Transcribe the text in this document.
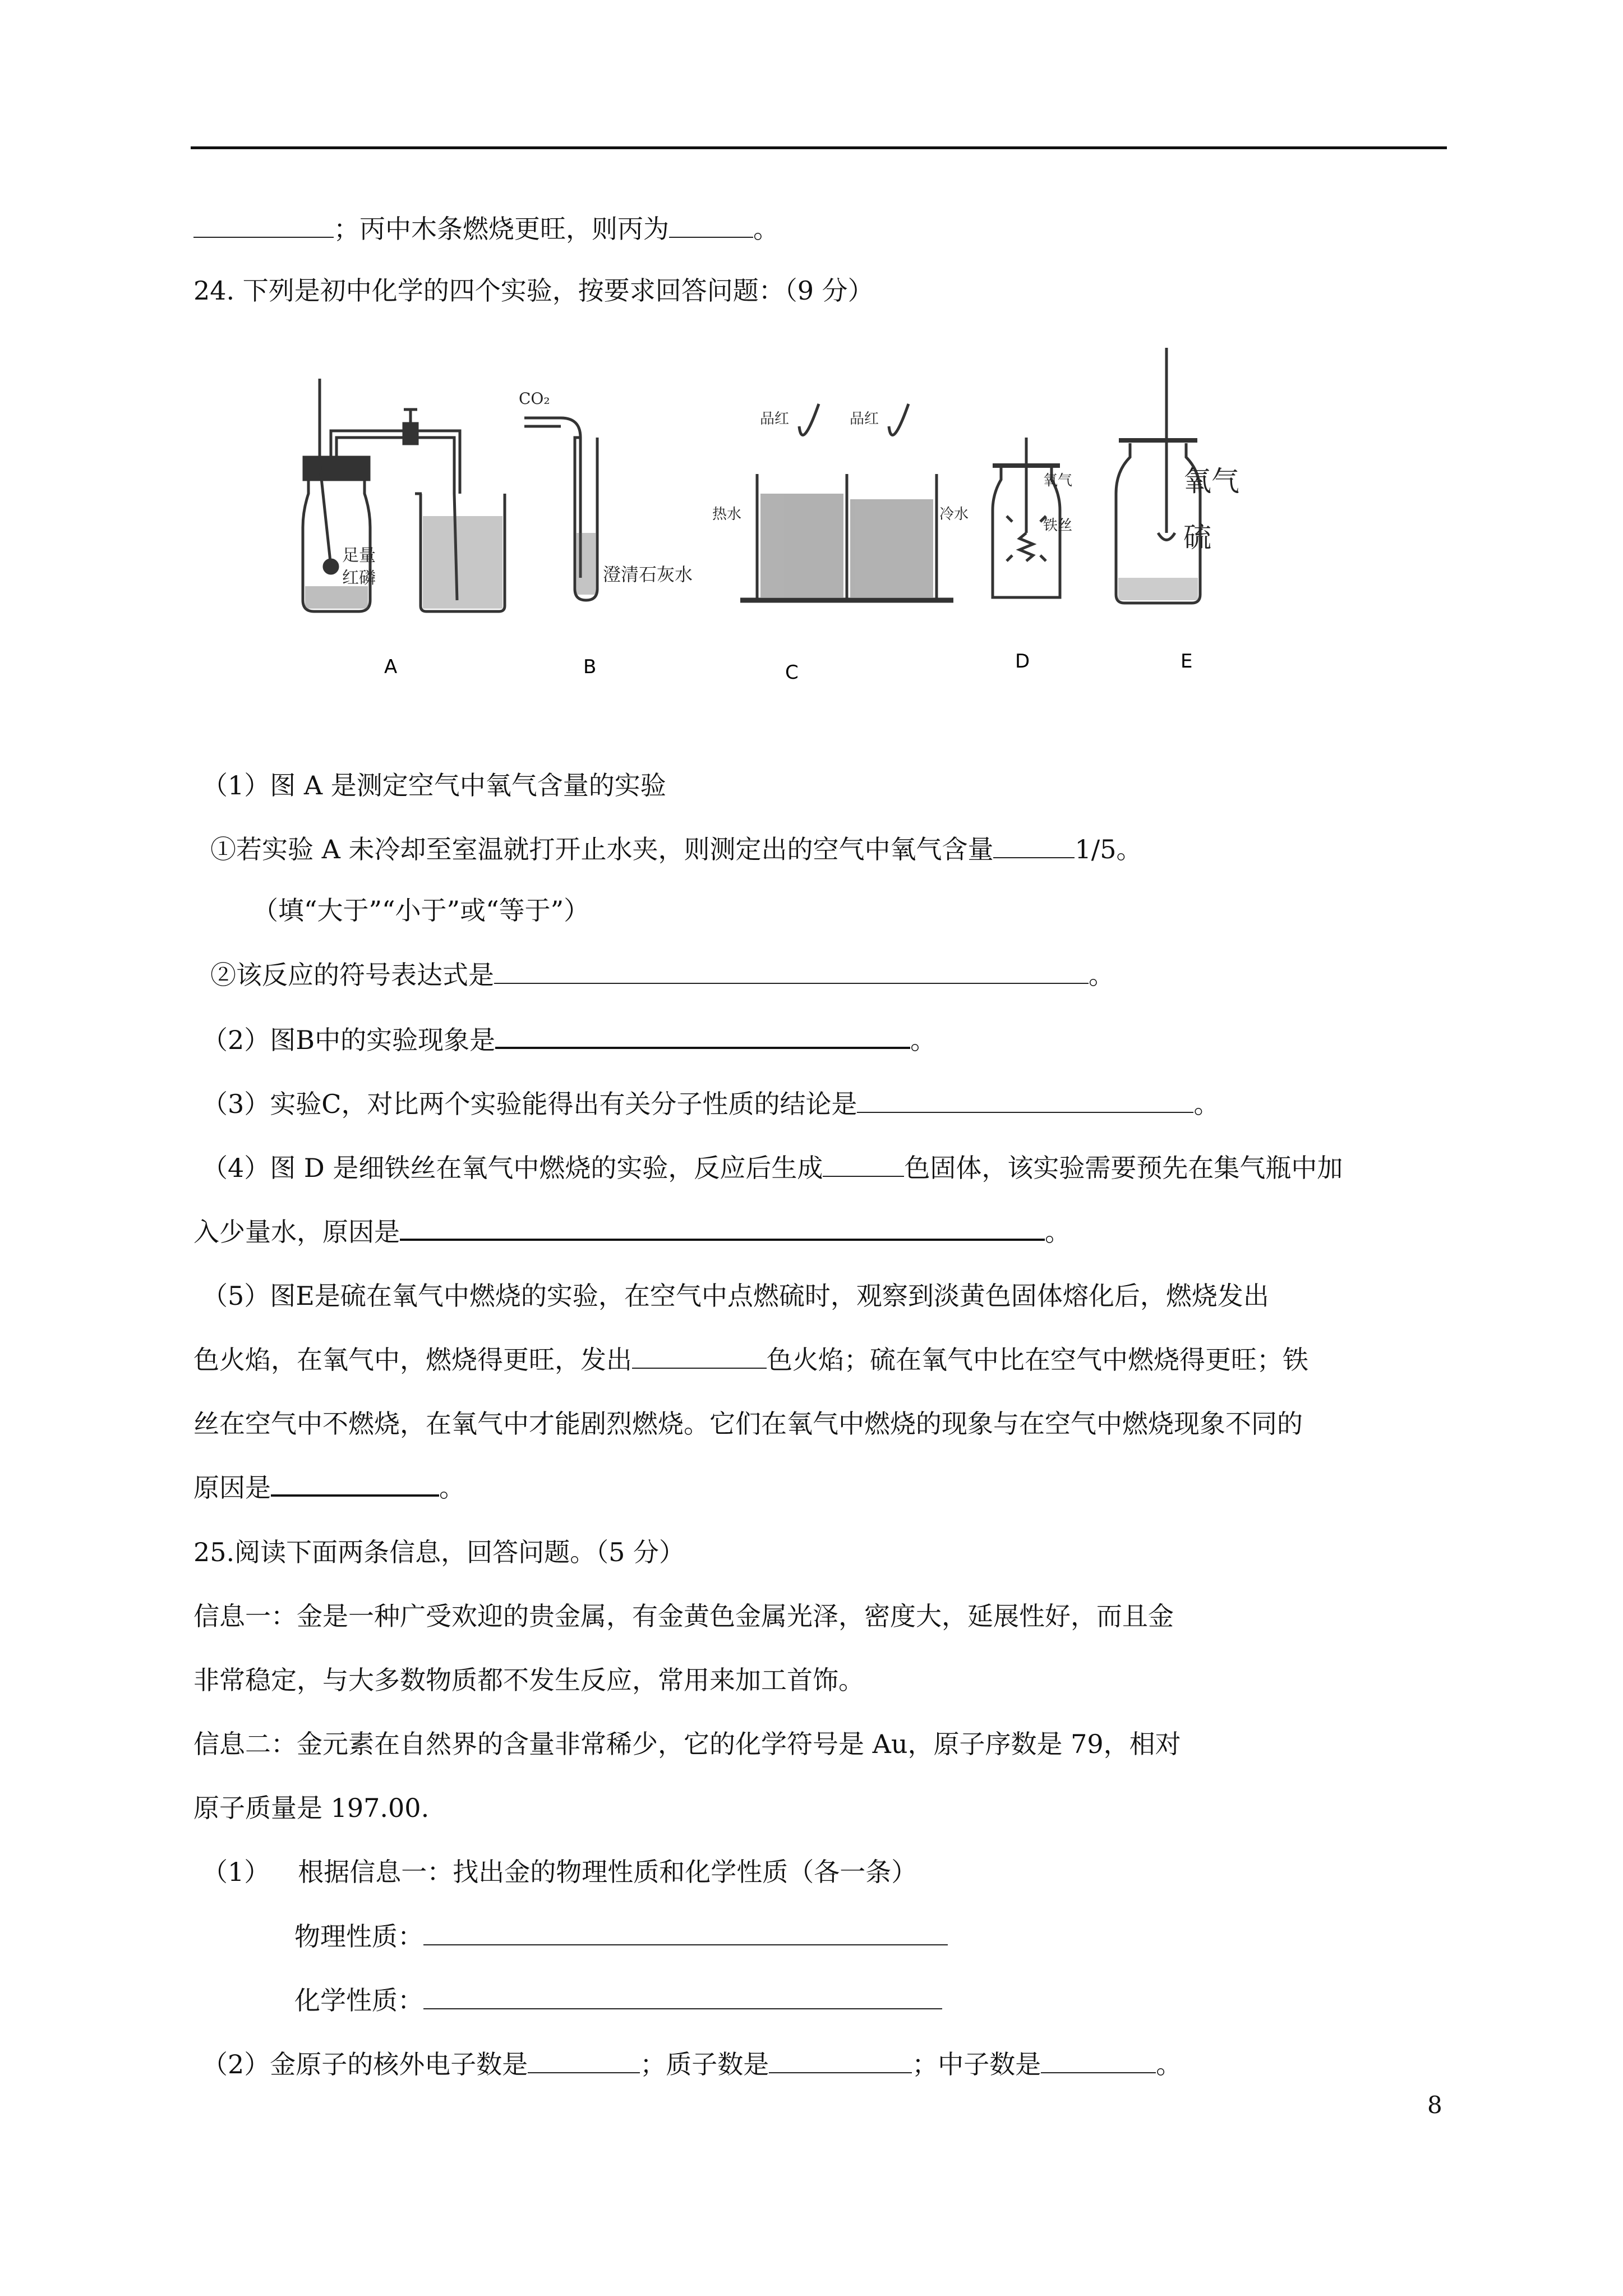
；丙中木条燃烧更旺，则丙为	。
24. 下列是初中化学的四个实验，按要求回答问题：（9 分）
足量
红磷
A
CO₂
澄清石灰水
B
品红	品红
热水	冷水
C
氧气
铁丝
D
氧气
硫
E
（1）图 A 是测定空气中氧气含量的实验
①若实验 A 未冷却至室温就打开止水夹，则测定出的空气中氧气含量	1/5。
（填“大于”“小于”或“等于”）
②该反应的符号表达式是	。
（2）图B中的实验现象是	。
（3）实验C，对比两个实验能得出有关分子性质的结论是	。
（4）图 D 是细铁丝在氧气中燃烧的实验，反应后生成	色固体，该实验需要预先在集气瓶中加
入少量水，原因是	。
（5）图E是硫在氧气中燃烧的实验，在空气中点燃硫时，观察到淡黄色固体熔化后，燃烧发出
色火焰，在氧气中，燃烧得更旺，发出	色火焰；硫在氧气中比在空气中燃烧得更旺；铁
丝在空气中不燃烧，在氧气中才能剧烈燃烧。它们在氧气中燃烧的现象与在空气中燃烧现象不同的
原因是	。
25.阅读下面两条信息，回答问题。（5 分）
信息一：金是一种广受欢迎的贵金属，有金黄色金属光泽，密度大，延展性好，而且金
非常稳定，与大多数物质都不发生反应，常用来加工首饰。
信息二：金元素在自然界的含量非常稀少，它的化学符号是 Au，原子序数是 79，相对
原子质量是 197.00.
（1） 根据信息一：找出金的物理性质和化学性质（各一条）
物理性质：
化学性质：
（2）金原子的核外电子数是	；质子数是	；中子数是	。
8
